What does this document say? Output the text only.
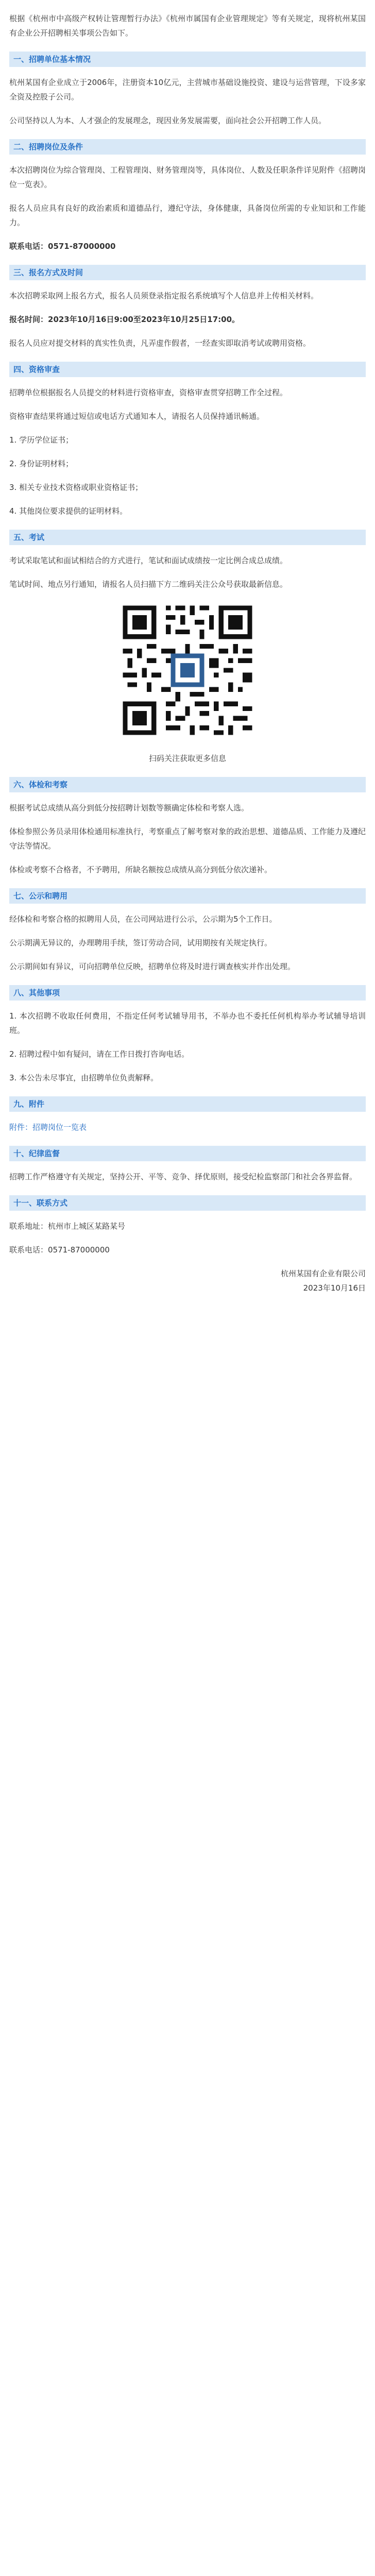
根据《杭州市中高级产权转让管理暂行办法》《杭州市属国有企业管理规定》等有关规定，现将杭州某国有企业公开招聘相关事项公告如下。

一、招聘单位基本情况

杭州某国有企业成立于2006年，注册资本10亿元，主营城市基础设施投资、建设与运营管理，下设多家全资及控股子公司。

公司坚持以人为本、人才强企的发展理念，现因业务发展需要，面向社会公开招聘工作人员。

二、招聘岗位及条件

本次招聘岗位为综合管理岗、工程管理岗、财务管理岗等，具体岗位、人数及任职条件详见附件《招聘岗位一览表》。

报名人员应具有良好的政治素质和道德品行，遵纪守法，身体健康，具备岗位所需的专业知识和工作能力。

联系电话：0571-87000000

三、报名方式及时间

本次招聘采取网上报名方式，报名人员须登录指定报名系统填写个人信息并上传相关材料。

报名时间：2023年10月16日9:00至2023年10月25日17:00。

报名人员应对提交材料的真实性负责，凡弄虚作假者，一经查实即取消考试或聘用资格。

四、资格审查

招聘单位根据报名人员提交的材料进行资格审查，资格审查贯穿招聘工作全过程。

资格审查结果将通过短信或电话方式通知本人，请报名人员保持通讯畅通。

1. 学历学位证书；

2. 身份证明材料；

3. 相关专业技术资格或职业资格证书；

4. 其他岗位要求提供的证明材料。

五、考试

考试采取笔试和面试相结合的方式进行，笔试和面试成绩按一定比例合成总成绩。

笔试时间、地点另行通知，请报名人员扫描下方二维码关注公众号获取最新信息。

扫码关注获取更多信息

六、体检和考察

根据考试总成绩从高分到低分按招聘计划数等额确定体检和考察人选。

体检参照公务员录用体检通用标准执行，考察重点了解考察对象的政治思想、道德品质、工作能力及遵纪守法等情况。

体检或考察不合格者，不予聘用，所缺名额按总成绩从高分到低分依次递补。

七、公示和聘用

经体检和考察合格的拟聘用人员，在公司网站进行公示，公示期为5个工作日。

公示期满无异议的，办理聘用手续，签订劳动合同，试用期按有关规定执行。

公示期间如有异议，可向招聘单位反映，招聘单位将及时进行调查核实并作出处理。

八、其他事项

1. 本次招聘不收取任何费用，不指定任何考试辅导用书，不举办也不委托任何机构举办考试辅导培训班。

2. 招聘过程中如有疑问，请在工作日拨打咨询电话。

3. 本公告未尽事宜，由招聘单位负责解释。

九、附件

附件：招聘岗位一览表

十、纪律监督

招聘工作严格遵守有关规定，坚持公开、平等、竞争、择优原则，接受纪检监察部门和社会各界监督。

十一、联系方式

联系地址：杭州市上城区某路某号

联系电话：0571-87000000

杭州某国有企业有限公司

2023年10月16日
